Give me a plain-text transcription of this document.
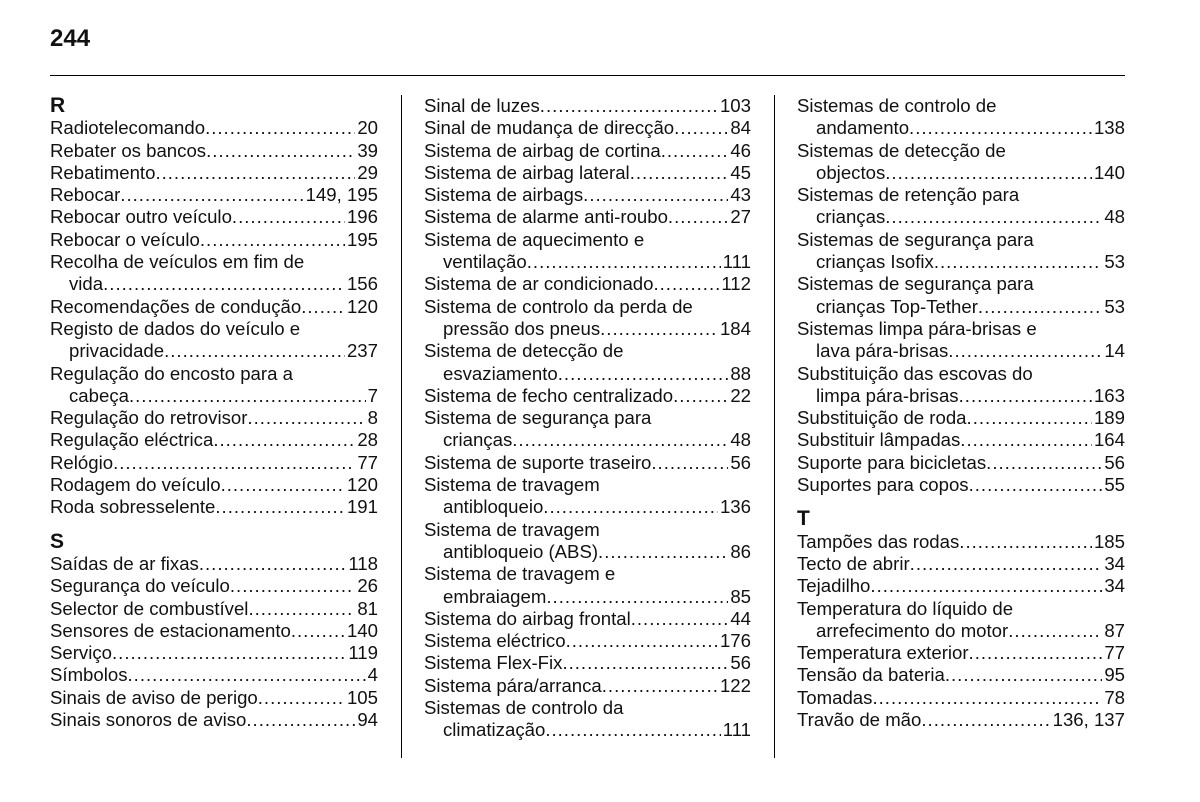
244
R
Radiotelecomando .....	20
Rebater os bancos .....	39
Rebatimento .....	29
Rebocar .....	149, 195
Rebocar outro veículo .....	196
Rebocar o veículo .....	195
Recolha de veículos em fim de
vida .....	156
Recomendações de condução ..... 120
Registo de dados do veículo e
privacidade .....	237
Regulação do encosto para a
cabeça .....	7
Regulação do retrovisor .....	8
Regulação eléctrica .....	28
Relógio .....	77
Rodagem do veículo .....	120
Roda sobresselente .....	191
S
Saídas de ar fixas .....	118
Segurança do veículo .....	26
Selector de combustível .....	81
Sensores de estacionamento .....	140
Serviço .....	119
Símbolos .....	4
Sinais de aviso de perigo .....	105
Sinais sonoros de aviso .....	94
Sinal de luzes .....	103
Sinal de mudança de direcção .....	84
Sistema de airbag de cortina .....	46
Sistema de airbag lateral .....	45
Sistema de airbags .....	43
Sistema de alarme anti-roubo .....	27
Sistema de aquecimento e
ventilação .....	111
Sistema de ar condicionado .....	112
Sistema de controlo da perda de
pressão dos pneus .....	184
Sistema de detecção de
esvaziamento .....	88
Sistema de fecho centralizado .....	22
Sistema de segurança para
crianças .....	48
Sistema de suporte traseiro .....	56
Sistema de travagem
antibloqueio .....	136
Sistema de travagem
antibloqueio (ABS) .....	86
Sistema de travagem e
embraiagem .....	85
Sistema do airbag frontal .....	44
Sistema eléctrico .....	176
Sistema Flex-Fix .....	56
Sistema pára/arranca .....	122
Sistemas de controlo da
climatização .....	111
Sistemas de controlo de
andamento .....	138
Sistemas de detecção de
objectos .....	140
Sistemas de retenção para
crianças .....	48
Sistemas de segurança para
crianças Isofix .....	53
Sistemas de segurança para
crianças Top-Tether .....	53
Sistemas limpa pára-brisas e
lava pára-brisas .....	14
Substituição das escovas do
limpa pára-brisas .....	163
Substituição de roda .....	189
Substituir lâmpadas .....	164
Suporte para bicicletas .....	56
Suportes para copos .....	55
T
Tampões das rodas .....	185
Tecto de abrir .....	34
Tejadilho .....	34
Temperatura do líquido de
arrefecimento do motor .....	87
Temperatura exterior .....	77
Tensão da bateria .....	95
Tomadas .....	78
Travão de mão .....	136, 137
